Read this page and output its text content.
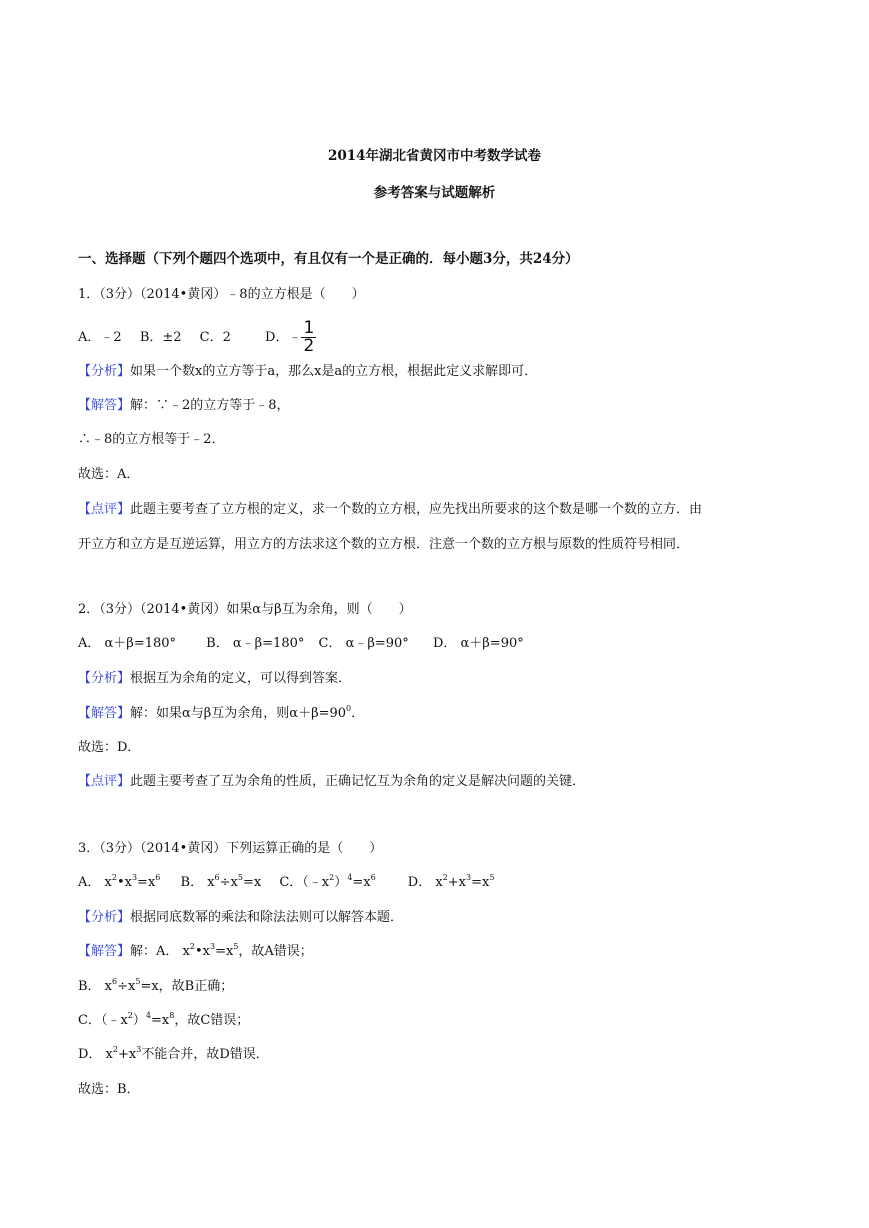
2014年湖北省黄冈市中考数学试卷
参考答案与试题解析
一、选择题（下列个题四个选项中，有且仅有一个是正确的．每小题3分，共24分）
1．（3分）（2014•黄冈）﹣8的立方根是（　　）
A．﹣2 B．±2 C．2	D．﹣ $\frac{1}{2}$
【分析】如果一个数x的立方等于a，那么x是a的立方根，根据此定义求解即可．
【解答】解：∵﹣2的立方等于﹣8，
∴﹣8的立方根等于﹣2．
故选：A．
【点评】此题主要考查了立方根的定义，求一个数的立方根，应先找出所要求的这个数是哪一个数的立方．由
开立方和立方是互逆运算，用立方的方法求这个数的立方根．注意一个数的立方根与原数的性质符号相同．
2．（3分）（2014•黄冈）如果α与β互为余角，则（　　）
A． α＋β=180° B． α﹣β=180° C． α﹣β=90° D． α＋β=90°
【分析】根据互为余角的定义，可以得到答案．
【解答】解：如果α与β互为余角，则$\alpha+\beta=90^0$．
故选：D．
【点评】此题主要考查了互为余角的性质，正确记忆互为余角的定义是解决问题的关键．
3．（3分）（2014•黄冈）下列运算正确的是（　　）
A． $x^2•x^3=x^6$ B． $x^6\div x^5=x$ C．$(﹣x^2)^4=x^6$ D． $x^2+x^3=x^5$
【分析】根据同底数幂的乘法和除法法则可以解答本题．
【解答】解：A． $x^2•x^3=x^5$，故A错误；
B． $x^6\div x^5=x$，故B正确；
C．$(﹣x^2)^4=x^8$，故C错误；
D． $x^2+x^3$不能合并，故D错误．
故选：B．
